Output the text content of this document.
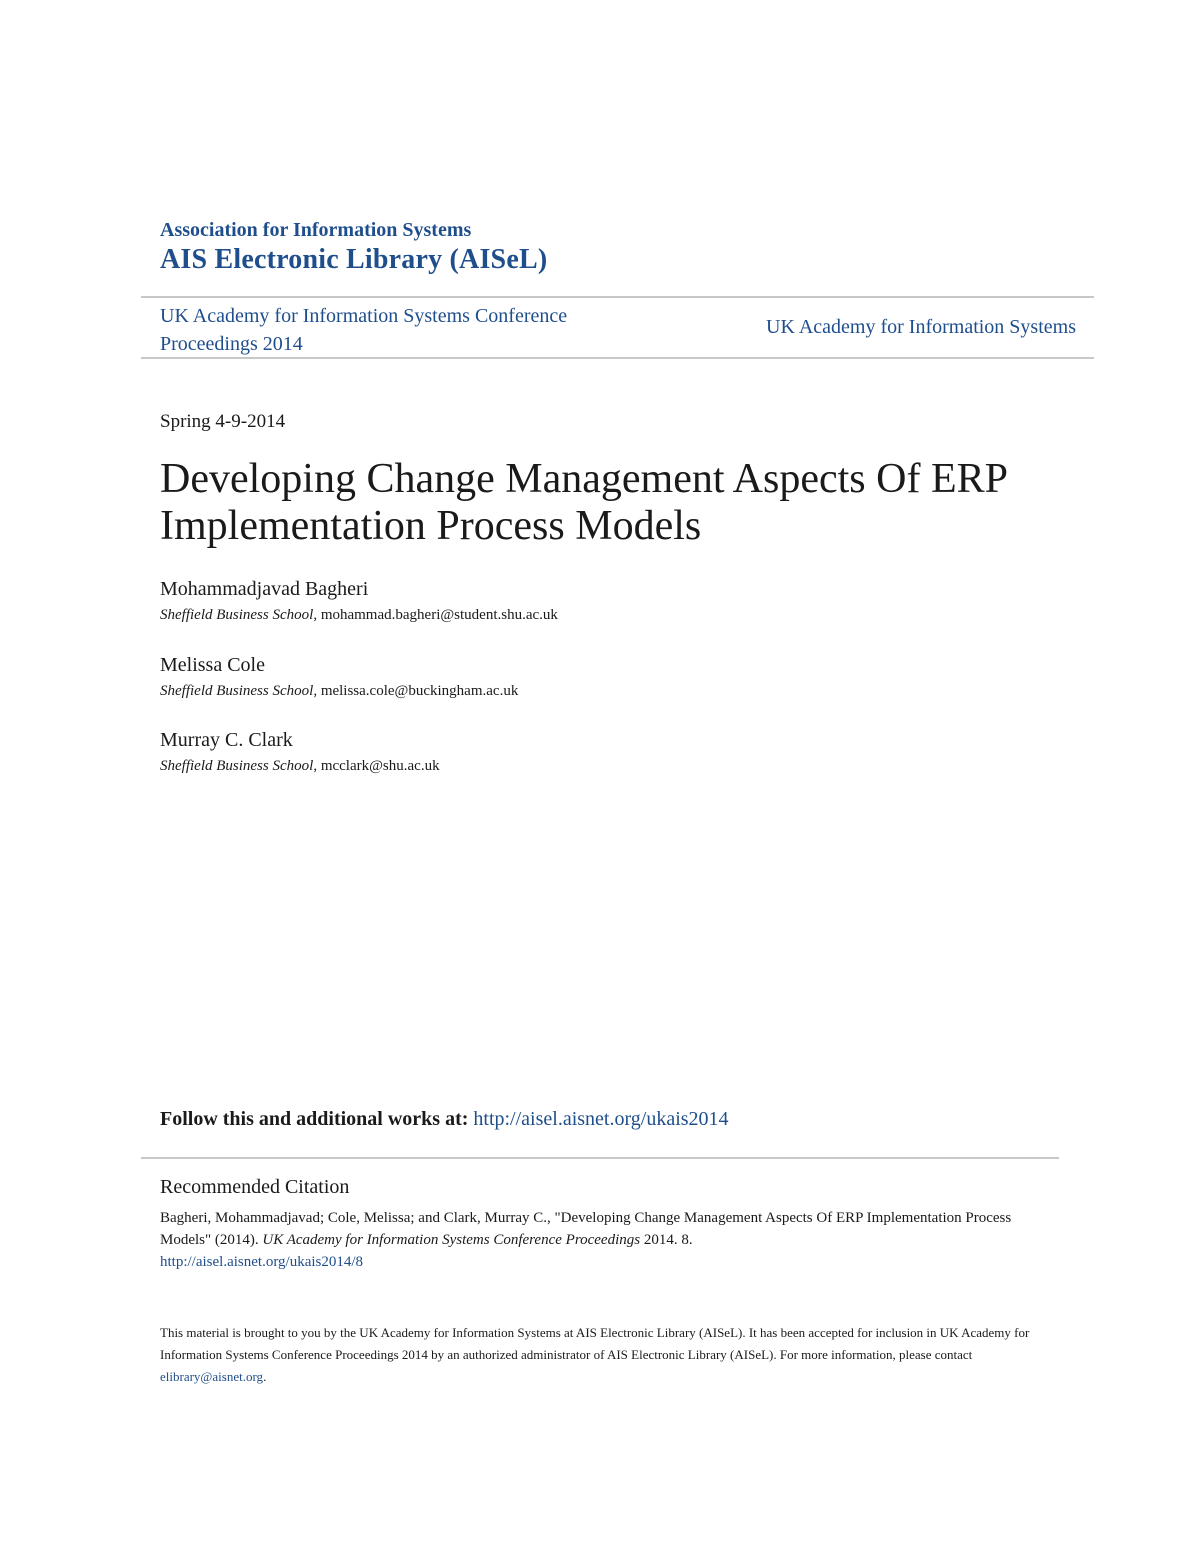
Association for Information Systems
AIS Electronic Library (AISeL)
UK Academy for Information Systems Conference Proceedings 2014
UK Academy for Information Systems
Spring 4-9-2014
Developing Change Management Aspects Of ERP Implementation Process Models
Mohammadjavad Bagheri
Sheffield Business School, mohammad.bagheri@student.shu.ac.uk
Melissa Cole
Sheffield Business School, melissa.cole@buckingham.ac.uk
Murray C. Clark
Sheffield Business School, mcclark@shu.ac.uk
Follow this and additional works at: http://aisel.aisnet.org/ukais2014
Recommended Citation
Bagheri, Mohammadjavad; Cole, Melissa; and Clark, Murray C., "Developing Change Management Aspects Of ERP Implementation Process Models" (2014). UK Academy for Information Systems Conference Proceedings 2014. 8.
http://aisel.aisnet.org/ukais2014/8
This material is brought to you by the UK Academy for Information Systems at AIS Electronic Library (AISeL). It has been accepted for inclusion in UK Academy for Information Systems Conference Proceedings 2014 by an authorized administrator of AIS Electronic Library (AISeL). For more information, please contact elibrary@aisnet.org.
